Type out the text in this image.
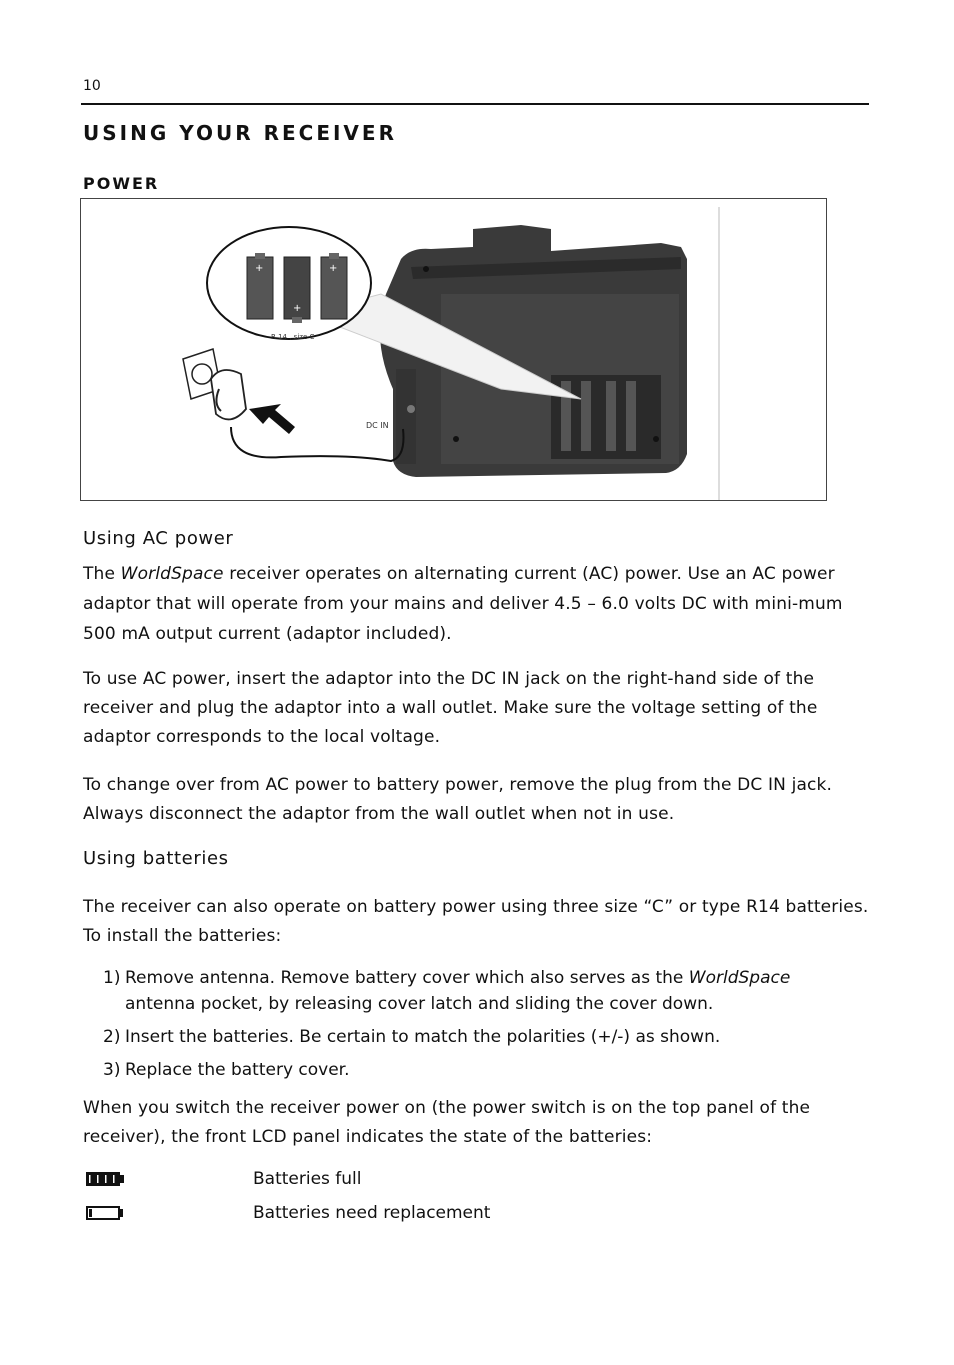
10
USING YOUR RECEIVER
POWER
+
+
+
R 14 , size C
DC IN
Using AC power
The WorldSpace receiver operates on alternating current (AC) power. Use an AC power adaptor that will operate from your mains and deliver 4.5 – 6.0 volts DC with mini-mum 500 mA output current (adaptor included).
To use AC power, insert the adaptor into the DC IN jack on the right-hand side of the receiver and plug the adaptor into a wall outlet. Make sure the voltage setting of the adaptor corresponds to the local voltage.
To change over from AC power to battery power, remove the plug from the DC IN jack. Always disconnect the adaptor from the wall outlet when not in use.
Using batteries
The receiver can also operate on battery power using three size “C” or type R14 batteries. To install the batteries:
1) Remove antenna. Remove battery cover which also serves as the WorldSpace
antenna pocket, by releasing cover latch and sliding the cover down.
2) Insert the batteries. Be certain to match the polarities (+/-) as shown.
3) Replace the battery cover.
When you switch the receiver power on (the power switch is on the top panel of the receiver), the front LCD panel indicates the state of the batteries:
Batteries full
Batteries need replacement
